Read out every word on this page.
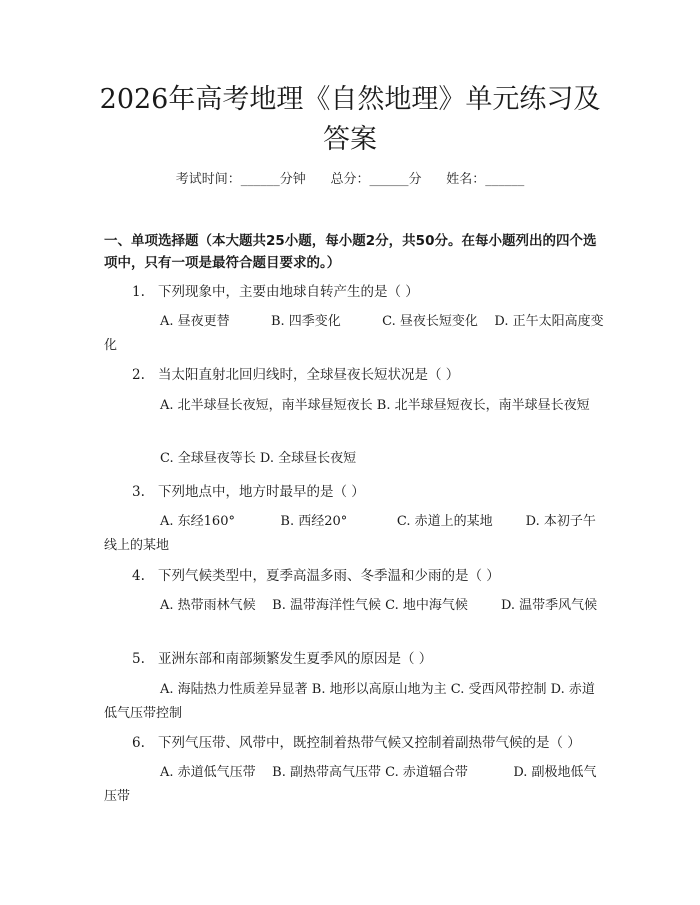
2026年高考地理《自然地理》单元练习及答案
考试时间：______分钟      总分：______分      姓名：______
一、单项选择题（本大题共25小题，每小题2分，共50分。在每小题列出的四个选项中，只有一项是最符合题目要求的。）
1. 下列现象中，主要由地球自转产生的是（ ）
A. 昼夜更替          B. 四季变化          C. 昼夜长短变化    D. 正午太阳高度变化
2. 当太阳直射北回归线时，全球昼夜长短状况是（ ）
A. 北半球昼长夜短，南半球昼短夜长 B. 北半球昼短夜长，南半球昼长夜短
C. 全球昼夜等长 D. 全球昼长夜短
3. 下列地点中，地方时最早的是（ ）
A. 东经160°           B. 西经20°            C. 赤道上的某地        D. 本初子午线上的某地
4. 下列气候类型中，夏季高温多雨、冬季温和少雨的是（ ）
A. 热带雨林气候    B. 温带海洋性气候 C. 地中海气候        D. 温带季风气候
5. 亚洲东部和南部频繁发生夏季风的原因是（ ）
A. 海陆热力性质差异显著 B. 地形以高原山地为主 C. 受西风带控制 D. 赤道低气压带控制
6. 下列气压带、风带中，既控制着热带气候又控制着副热带气候的是（ ）
A. 赤道低气压带    B. 副热带高气压带 C. 赤道辐合带           D. 副极地低气压带
